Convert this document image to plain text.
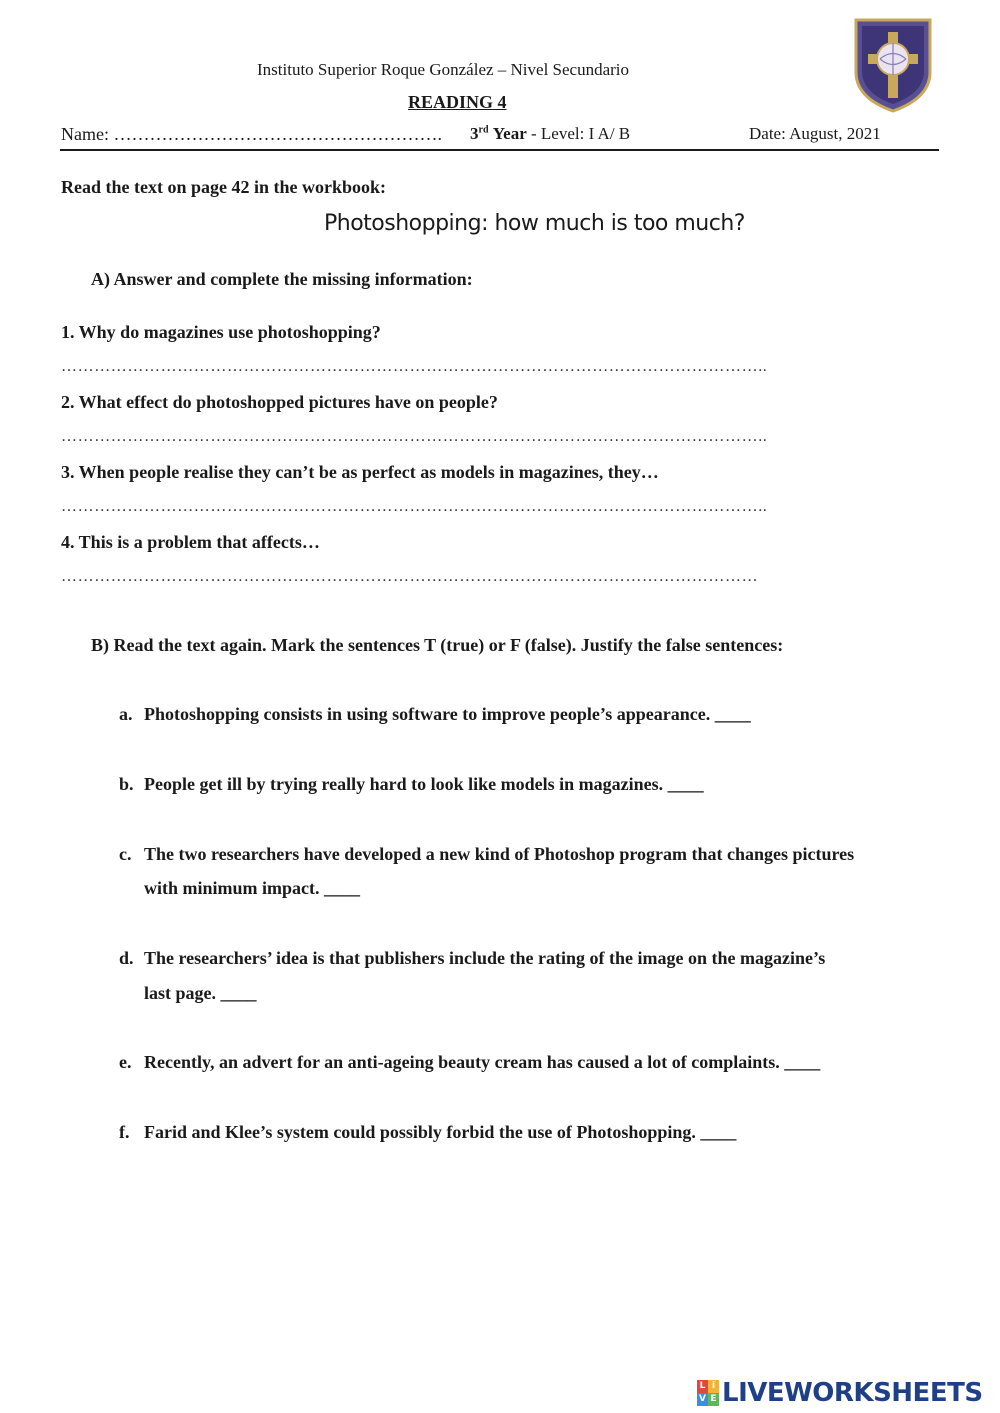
Instituto Superior Roque González – Nivel Secundario
READING 4
Name: ………………………………………………. 3rd Year - Level: I A/ B	Date: August, 2021
Read the text on page 42 in the workbook:
Photoshopping: how much is too much?
A) Answer and complete the missing information:
1. Why do magazines use photoshopping?
………………………………………………………………………………………………………………..
2. What effect do photoshopped pictures have on people?
………………………………………………………………………………………………………………..
3. When people realise they can’t be as perfect as models in magazines, they…
………………………………………………………………………………………………………………..
4. This is a problem that affects…
………………………………………………………………………………………………………………
B) Read the text again. Mark the sentences T (true) or F (false). Justify the false sentences:
a. Photoshopping consists in using software to improve people’s appearance. ____
b. People get ill by trying really hard to look like models in magazines. ____
c. The two researchers have developed a new kind of Photoshop program that changes pictures
with minimum impact. ____
d. The researchers’ idea is that publishers include the rating of the image on the magazine’s
last page. ____
e. Recently, an advert for an anti-ageing beauty cream has caused a lot of complaints. ____
f. Farid and Klee’s system could possibly forbid the use of Photoshopping. ____
L i
V E LIVEWORKSHEETS
